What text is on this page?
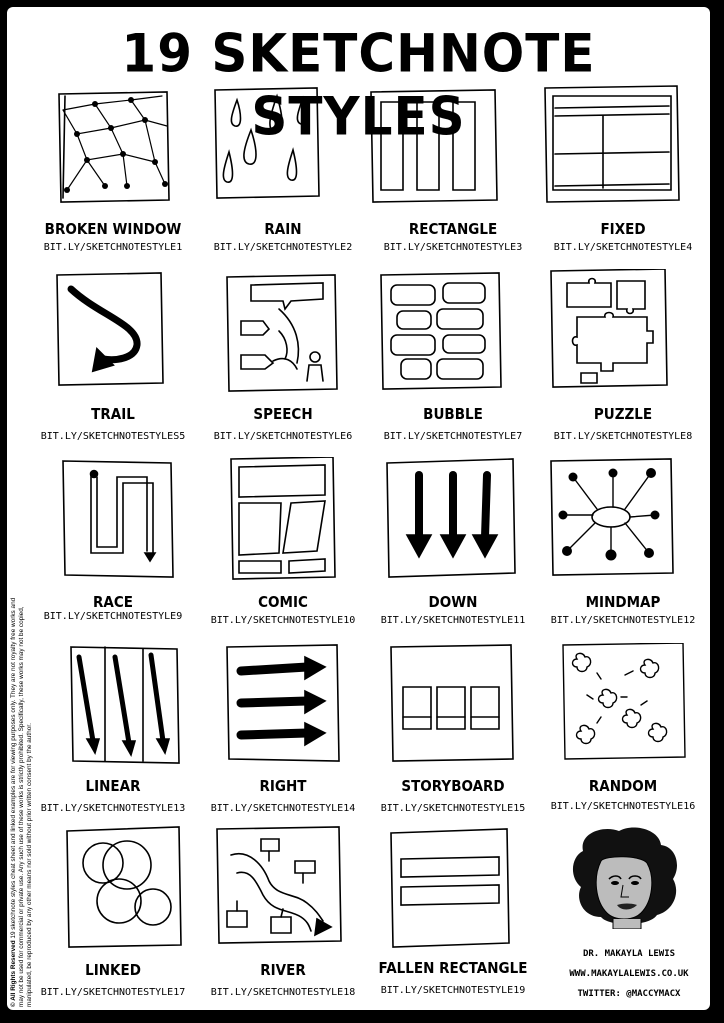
19 SKETCHNOTE STYLES
BROKEN WINDOW
BIT.LY/SKETCHNOTESTYLE1
RAIN
BIT.LY/SKETCHNOTESTYLE2
RECTANGLE
BIT.LY/SKETCHNOTESTYLE3
FIXED
BIT.LY/SKETCHNOTESTYLE4
TRAIL
BIT.LY/SKETCHNOTESTYLES5
SPEECH
BIT.LY/SKETCHNOTESTYLE6
BUBBLE
BIT.LY/SKETCHNOTESTYLE7
PUZZLE
BIT.LY/SKETCHNOTESTYLE8
RACE
BIT.LY/SKETCHNOTESTYLE9
COMIC
BIT.LY/SKETCHNOTESTYLE10
DOWN
BIT.LY/SKETCHNOTESTYLE11
MINDMAP
BIT.LY/SKETCHNOTESTYLE12
LINEAR
BIT.LY/SKETCHNOTESTYLE13
RIGHT
BIT.LY/SKETCHNOTESTYLE14
STORYBOARD
BIT.LY/SKETCHNOTESTYLE15
RANDOM
BIT.LY/SKETCHNOTESTYLE16
LINKED
BIT.LY/SKETCHNOTESTYLE17
RIVER
BIT.LY/SKETCHNOTESTYLE18
FALLEN RECTANGLE
BIT.LY/SKETCHNOTESTYLE19
DR. MAKAYLA LEWIS
WWW.MAKAYLALEWIS.CO.UK
TWITTER: @MACCYMACX
© All Rights Reserved 19 sketchnote styles cheat sheet and linked examples are for viewing purposes only. They are not royalty free works and may not be used for commercial or private use. Any such use of these works is strictly prohibited. Specifically, these works may not be copied, manipulated, be reproduced by any other means nor sold without prior written consent by the author.
